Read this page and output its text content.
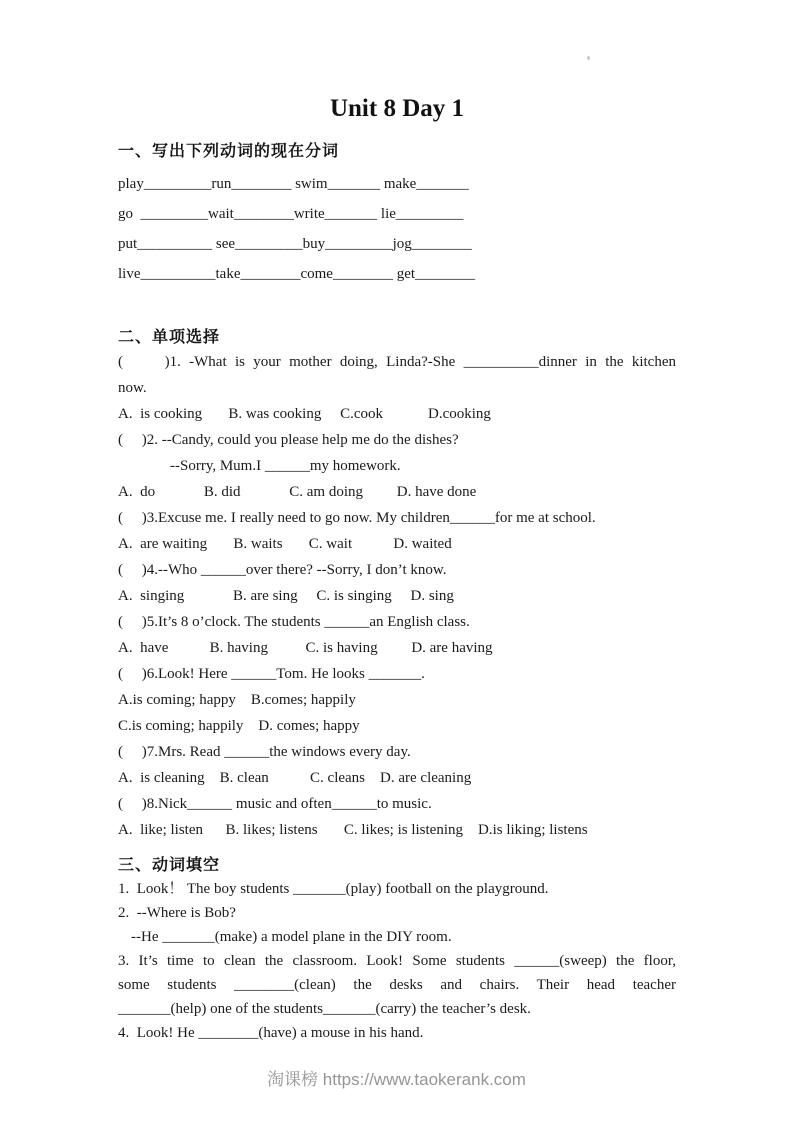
Unit 8 Day 1
一、写出下列动词的现在分词
play_________run________ swim_______ make_______
go  _________wait________write_______ lie_________
put__________ see_________buy_________jog________
live__________take________come________ get________
二、单项选择
(     )1. -What is your mother doing, Linda?-She __________dinner in the kitchen
now.
A.  is cooking       B. was cooking     C.cook            D.cooking
(     )2. --Candy, could you please help me do the dishes?
--Sorry, Mum.I ______my homework.
A.  do             B. did             C. am doing         D. have done
(     )3.Excuse me. I really need to go now. My children______for me at school.
A.  are waiting       B. waits       C. wait           D. waited
(     )4.--Who ______over there? --Sorry, I don’t know.
A.  singing             B. are sing     C. is singing     D. sing
(     )5.It’s 8 o’clock. The students ______an English class.
A.  have           B. having          C. is having         D. are having
(     )6.Look! Here ______Tom. He looks _______.
A.is coming; happy    B.comes; happily
C.is coming; happily    D. comes; happy
(     )7.Mrs. Read ______the windows every day.
A.  is cleaning    B. clean           C. cleans    D. are cleaning
(     )8.Nick______ music and often______to music.
A.  like; listen      B. likes; listens       C. likes; is listening    D.is liking; listens
三、动词填空
1.  Look！ The boy students _______(play) football on the playground.
2.  --Where is Bob?
--He _______(make) a model plane in the DIY room.
3. It’s time to clean the classroom. Look! Some students ______(sweep) the floor,
some students ________(clean) the desks and chairs. Their head teacher
_______(help) one of the students_______(carry) the teacher’s desk.
4.  Look! He ________(have) a mouse in his hand.
淘课榜 https://www.taokerank.com
